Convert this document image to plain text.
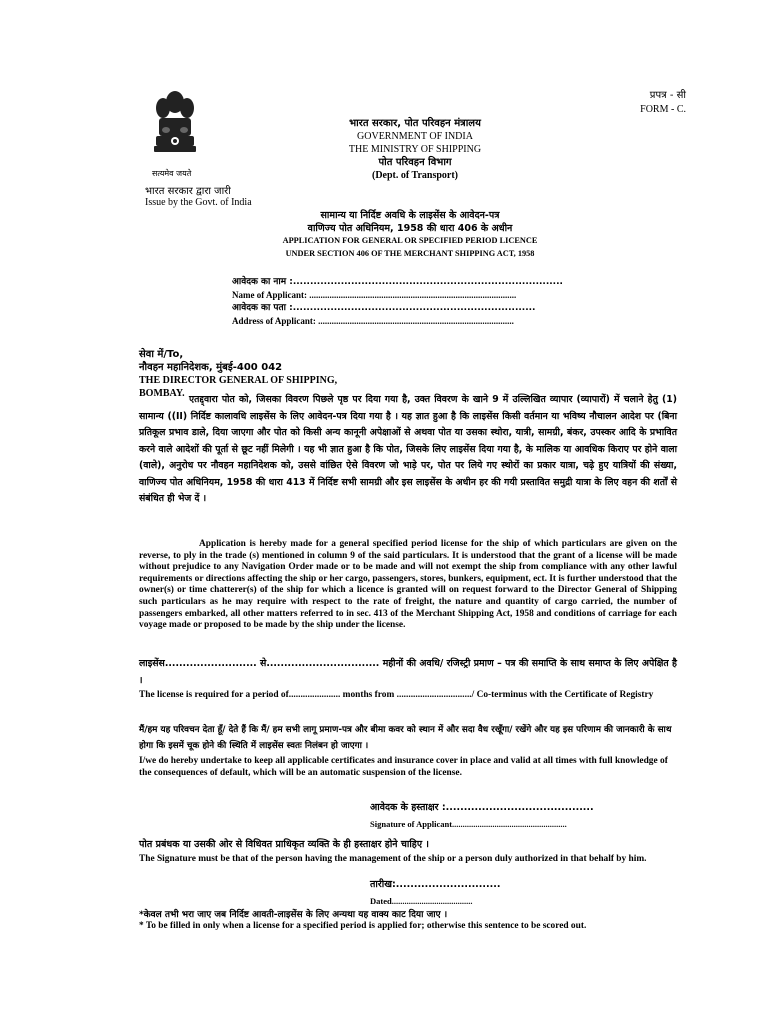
प्रपत्र - सी
FORM - C.
सत्यमेव जयते
भारत सरकार द्वारा जारी
Issue by the Govt. of India
भारत सरकार, पोत परिवहन मंत्रालय
GOVERNMENT OF INDIA
THE MINISTRY OF SHIPPING
पोत परिवहन विभाग
(Dept. of Transport)
सामान्य या निर्दिष्ट अवधि के लाइसेंस के आवेदन-पत्र
वाणिज्य पोत अधिनियम, 1958 की धारा 406 के अधीन
APPLICATION FOR GENERAL OR SPECIFIED PERIOD LICENCE
UNDER SECTION 406 OF THE MERCHANT SHIPPING ACT, 1958
आवेदक का नाम :...............................................................................
Name of Applicant: ............................................................................................
आवेदक का पता :.......................................................................
Address of Applicant: .......................................................................................
सेवा में/To,
नौवहन महानिदेशक, मुंबई-400 042
THE DIRECTOR GENERAL OF SHIPPING,
BOMBAY.
एतद्द्वारा पोत को, जिसका विवरण पिछले पृष्ठ पर दिया गया है, उक्त विवरण के खाने 9 में उल्लिखित व्यापार (व्यापारों) में चलाने हेतु (1) सामान्य ((II) निर्दिष्ट कालावधि लाइसेंस के लिए आवेदन-पत्र दिया गया है । यह ज्ञात हुआ है कि लाइसेंस किसी वर्तमान या भविष्य नौचालन आदेश पर (बिना प्रतिकूल प्रभाव डाले, दिया जाएगा और पोत को किसी अन्य कानूनी अपेक्षाओं से अथवा पोत या उसका स्थोरा, यात्री, सामग्री, बंकर, उपस्कर आदि के प्रभावित करने वाले आदेशों की पूर्ता से छूट नहीं मिलेगी । यह भी ज्ञात हुआ है कि पोत, जिसके लिए लाइसेंस दिया गया है, के मालिक या आवधिक किराए पर होने वाला (वाले), अनुरोध पर नौवहन महानिदेशक को, उससे वांछित ऐसे विवरण जो भाड़े पर, पोत पर लिये गए स्थोरों का प्रकार यात्रा, चढ़े हुए यात्रियों की संख्या, वाणिज्य पोत अधिनियम, 1958 की धारा 413 में निर्दिष्ट सभी सामग्री और इस लाइसेंस के अधीन हर की गयी प्रस्तावित समुद्री यात्रा के लिए वहन की शर्तों से संबंधित ही भेज दें ।
Application is hereby made for a general specified period license for the ship of which particulars are given on the reverse, to ply in the trade (s) mentioned in column 9 of the said particulars. It is understood that the grant of a license will be made without prejudice to any Navigation Order made or to be made and will not exempt the ship from compliance with any other lawful requirements or directions affecting the ship or her cargo, passengers, stores, bunkers, equipment, ect. It is further understood that the owner(s) or time chatterer(s) of the ship for which a licence is granted will on request forward to the Director General of Shipping such particulars as he may require with respect to the rate of freight, the nature and quantity of cargo carried, the number of passengers embarked, all other matters referred to in sec. 413 of the Merchant Shipping Act, 1958 and conditions of carriage for each voyage made or proposed to be made by the ship under the license.
लाइसेंस.......................... से................................ महीनों की अवधि/ रजिस्ट्री प्रमाण – पत्र की समाप्ति के साथ समाप्त के लिए अपेक्षित है ।
The license is required for a period of...................... months from ................................/ Co-terminus with the Certificate of Registry
मैं/हम यह परिवचन देता हूँ/ देते हैं कि मैं/ हम सभी लागू प्रमाण-पत्र और बीमा कवर को स्थान में और सदा वैध रखूँगा/ रखेंगे और यह इस परिणाम की जानकारी के साथ होगा कि इसमें चूक होने की स्थिति में लाइसेंस स्वतः निलंबन हो जाएगा ।
I/we do hereby undertake to keep all applicable certificates and insurance cover in place and valid at all times with full knowledge of the consequences of default, which will be an automatic suspension of the license.
आवेदक के हस्ताक्षर :.........................................
Signature of Applicant......................................................
पोत प्रबंधक या उसकी ओर से विधिवत प्राधिकृत व्यक्ति के ही हस्ताक्षर होने चाहिए ।
The Signature must be that of the person having the management of the ship or a person duly authorized in that behalf by him.
तारीख:.............................
Dated......................................
*केवल तभी भरा जाए जब निर्दिष्ट आवती-लाइसेंस के लिए अन्यथा यह वाक्य काट दिया जाए ।
* To be filled in only when a license for a specified period is applied for; otherwise this sentence to be scored out.
